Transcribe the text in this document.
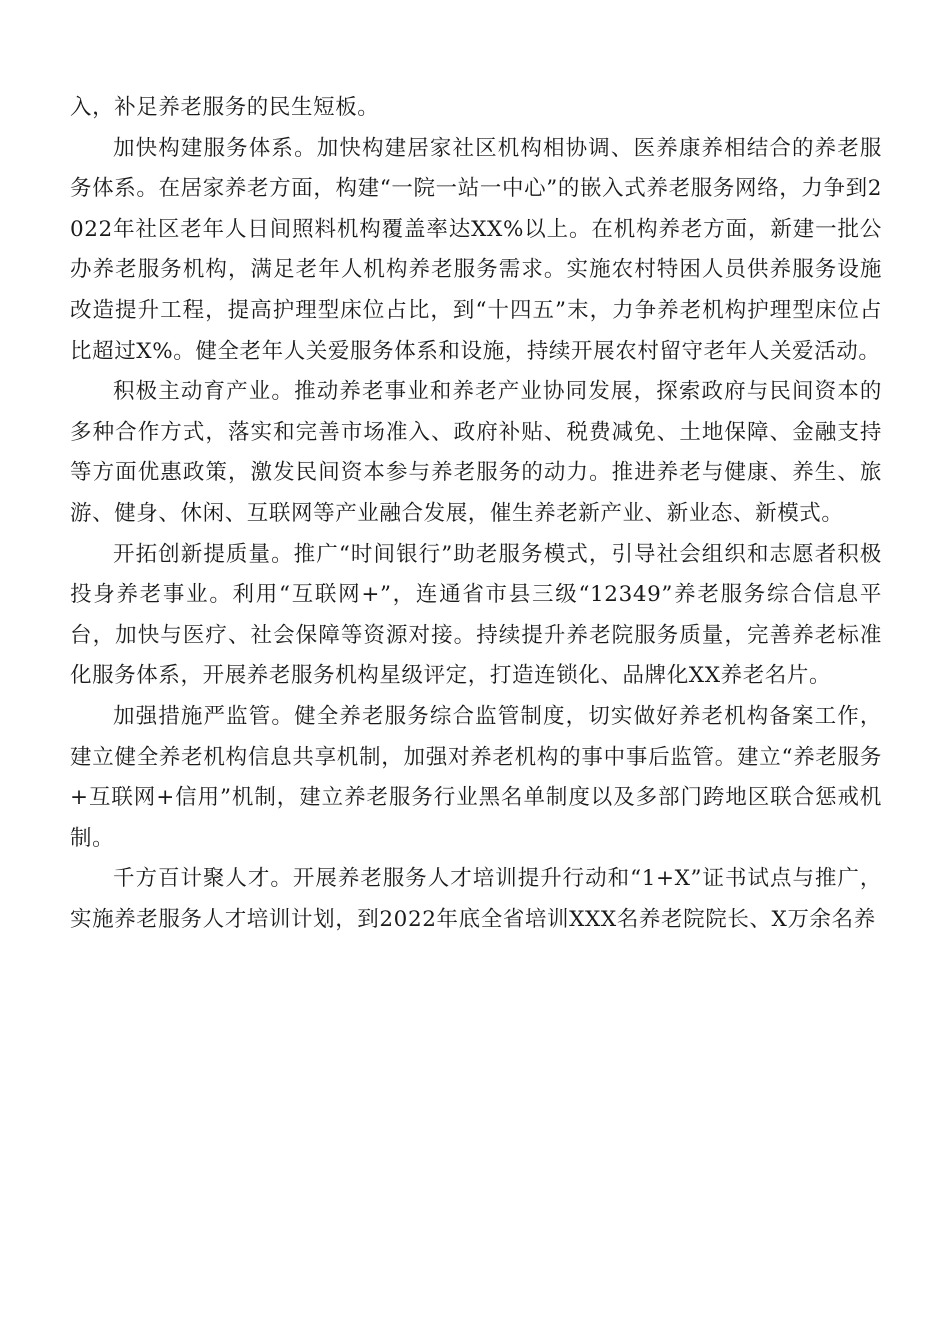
入，补足养老服务的民生短板。

加快构建服务体系。加快构建居家社区机构相协调、医养康养相结合的养老服务体系。在居家养老方面，构建“一院一站一中心”的嵌入式养老服务网络，力争到2022年社区老年人日间照料机构覆盖率达XX%以上。在机构养老方面，新建一批公办养老服务机构，满足老年人机构养老服务需求。实施农村特困人员供养服务设施改造提升工程，提高护理型床位占比，到“十四五”末，力争养老机构护理型床位占比超过X%。健全老年人关爱服务体系和设施，持续开展农村留守老年人关爱活动。

积极主动育产业。推动养老事业和养老产业协同发展，探索政府与民间资本的多种合作方式，落实和完善市场准入、政府补贴、税费减免、土地保障、金融支持等方面优惠政策，激发民间资本参与养老服务的动力。推进养老与健康、养生、旅游、健身、休闲、互联网等产业融合发展，催生养老新产业、新业态、新模式。

开拓创新提质量。推广“时间银行”助老服务模式，引导社会组织和志愿者积极投身养老事业。利用“互联网+”，连通省市县三级“12349”养老服务综合信息平台，加快与医疗、社会保障等资源对接。持续提升养老院服务质量，完善养老标准化服务体系，开展养老服务机构星级评定，打造连锁化、品牌化XX养老名片。

加强措施严监管。健全养老服务综合监管制度，切实做好养老机构备案工作，建立健全养老机构信息共享机制，加强对养老机构的事中事后监管。建立“养老服务+互联网+信用”机制，建立养老服务行业黑名单制度以及多部门跨地区联合惩戒机制。

千方百计聚人才。开展养老服务人才培训提升行动和“1+X”证书试点与推广，实施养老服务人才培训计划，到2022年底全省培训XXX名养老院院长、X万余名养
